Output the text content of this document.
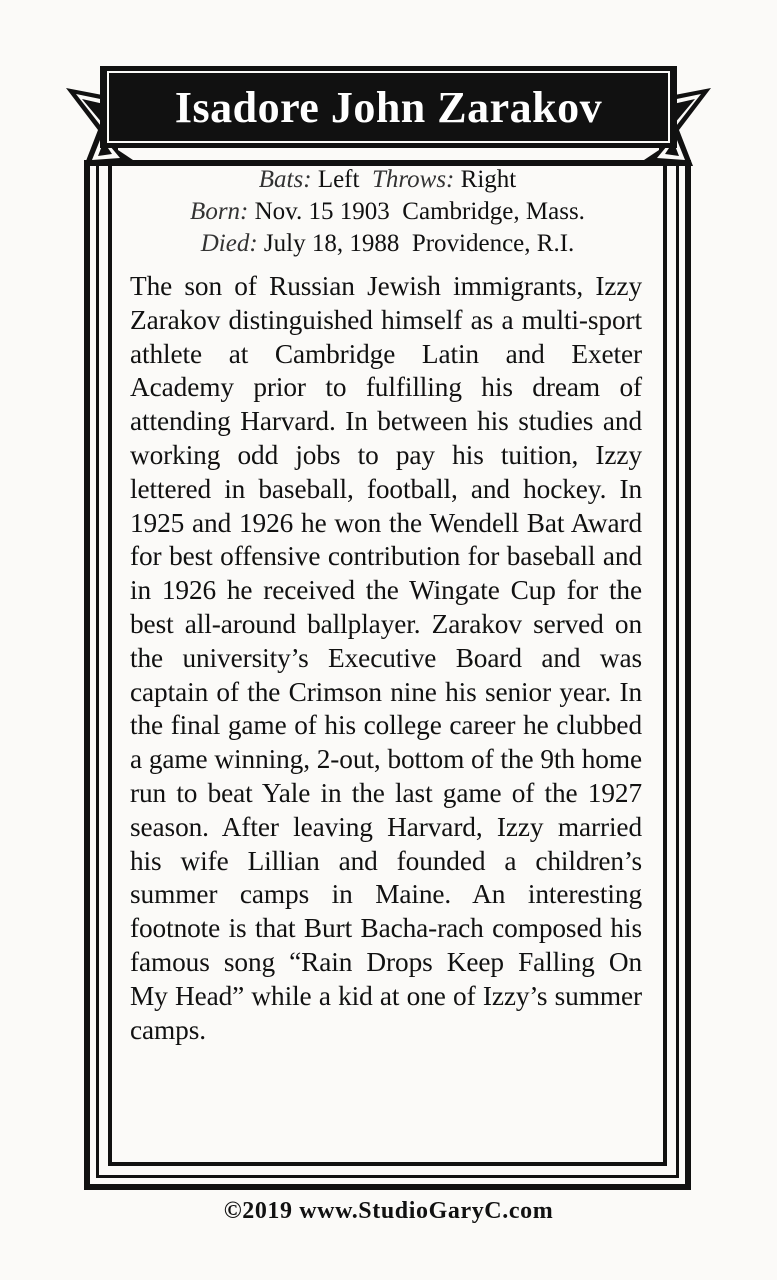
Isadore John Zarakov
Bats: Left Throws: Right
Born: Nov. 15 1903  Cambridge, Mass.
Died: July 18, 1988  Providence, R.I.
The son of Russian Jewish immigrants, Izzy Zarakov distinguished himself as a multi-sport athlete at Cambridge Latin and Exeter Academy prior to fulfilling his dream of attending Harvard. In between his studies and working odd jobs to pay his tuition, Izzy lettered in baseball, football, and hockey. In 1925 and 1926 he won the Wendell Bat Award for best offensive contribution for baseball and in 1926 he received the Wingate Cup for the best all-around ballplayer. Zarakov served on the university’s Executive Board and was captain of the Crimson nine his senior year. In the final game of his college career he clubbed a game winning, 2-out, bottom of the 9th home run to beat Yale in the last game of the 1927 season. After leaving Harvard, Izzy married his wife Lillian and founded a children’s summer camps in Maine. An interesting footnote is that Burt Bacha-rach composed his famous song “Rain Drops Keep Falling On My Head” while a kid at one of Izzy’s summer camps.
©2019 www.StudioGaryC.com
